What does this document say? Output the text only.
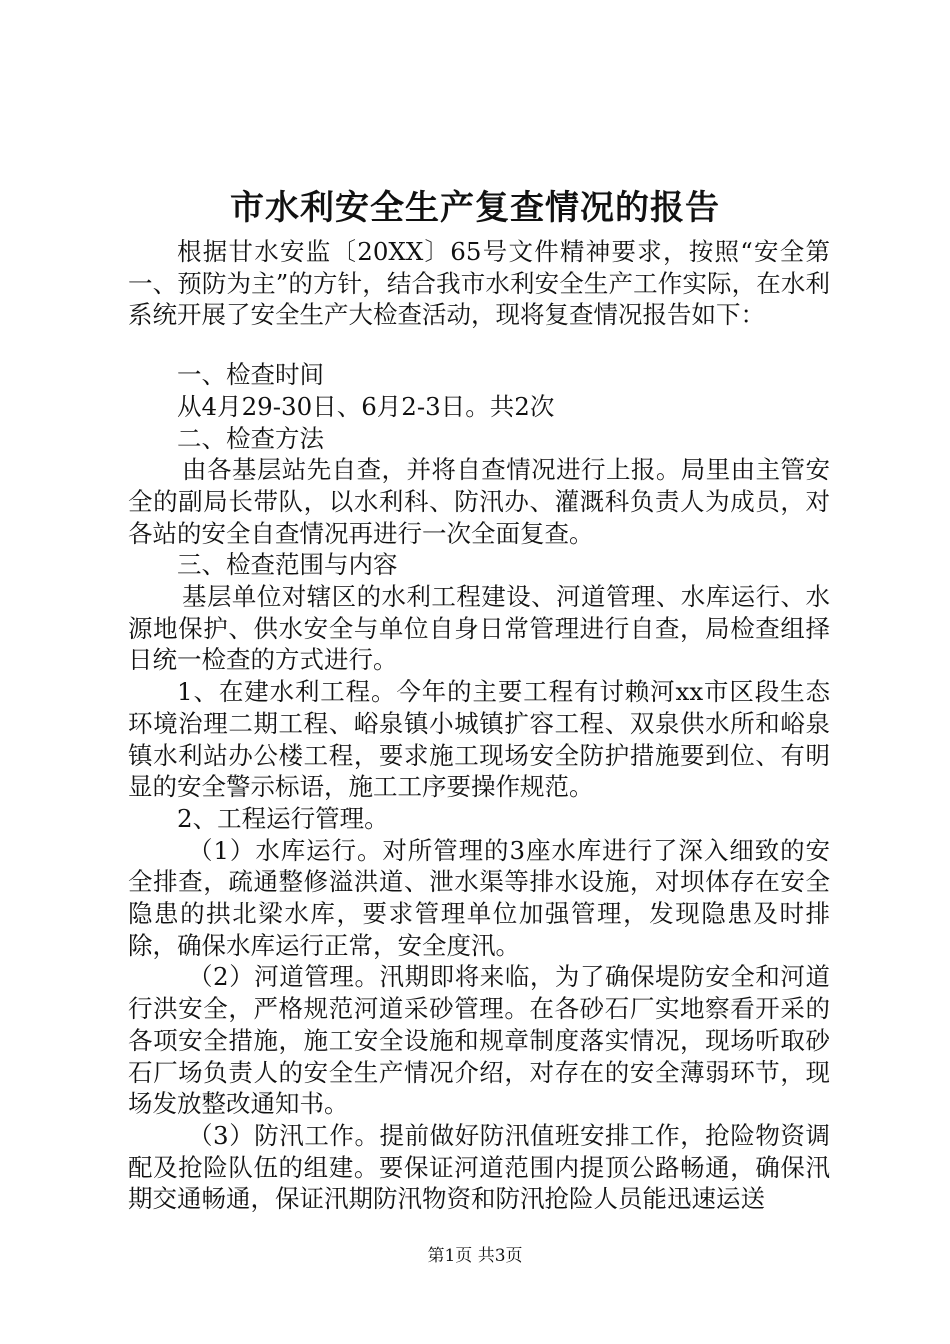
市水利安全生产复查情况的报告

根据甘水安监〔20XX〕65号文件精神要求，按照“安全第一、预防为主”的方针，结合我市水利安全生产工作实际，在水利系统开展了安全生产大检查活动，现将复查情况报告如下：

一、检查时间

从4月29-30日、6月2-3日。共2次

二、检查方法

由各基层站先自查，并将自查情况进行上报。局里由主管安全的副局长带队，以水利科、防汛办、灌溉科负责人为成员，对各站的安全自查情况再进行一次全面复查。

三、检查范围与内容

基层单位对辖区的水利工程建设、河道管理、水库运行、水源地保护、供水安全与单位自身日常管理进行自查，局检查组择日统一检查的方式进行。

1、在建水利工程。今年的主要工程有讨赖河xx市区段生态环境治理二期工程、峪泉镇小城镇扩容工程、双泉供水所和峪泉镇水利站办公楼工程，要求施工现场安全防护措施要到位、有明显的安全警示标语，施工工序要操作规范。

2、工程运行管理。

（1）水库运行。对所管理的3座水库进行了深入细致的安全排查，疏通整修溢洪道、泄水渠等排水设施，对坝体存在安全隐患的拱北梁水库，要求管理单位加强管理，发现隐患及时排除，确保水库运行正常，安全度汛。

（2）河道管理。汛期即将来临，为了确保堤防安全和河道行洪安全，严格规范河道采砂管理。在各砂石厂实地察看开采的各项安全措施，施工安全设施和规章制度落实情况，现场听取砂石厂场负责人的安全生产情况介绍，对存在的安全薄弱环节，现场发放整改通知书。

（3）防汛工作。提前做好防汛值班安排工作，抢险物资调配及抢险队伍的组建。要保证河道范围内提顶公路畅通，确保汛期交通畅通，保证汛期防汛物资和防汛抢险人员能迅速运送

第1页 共3页
